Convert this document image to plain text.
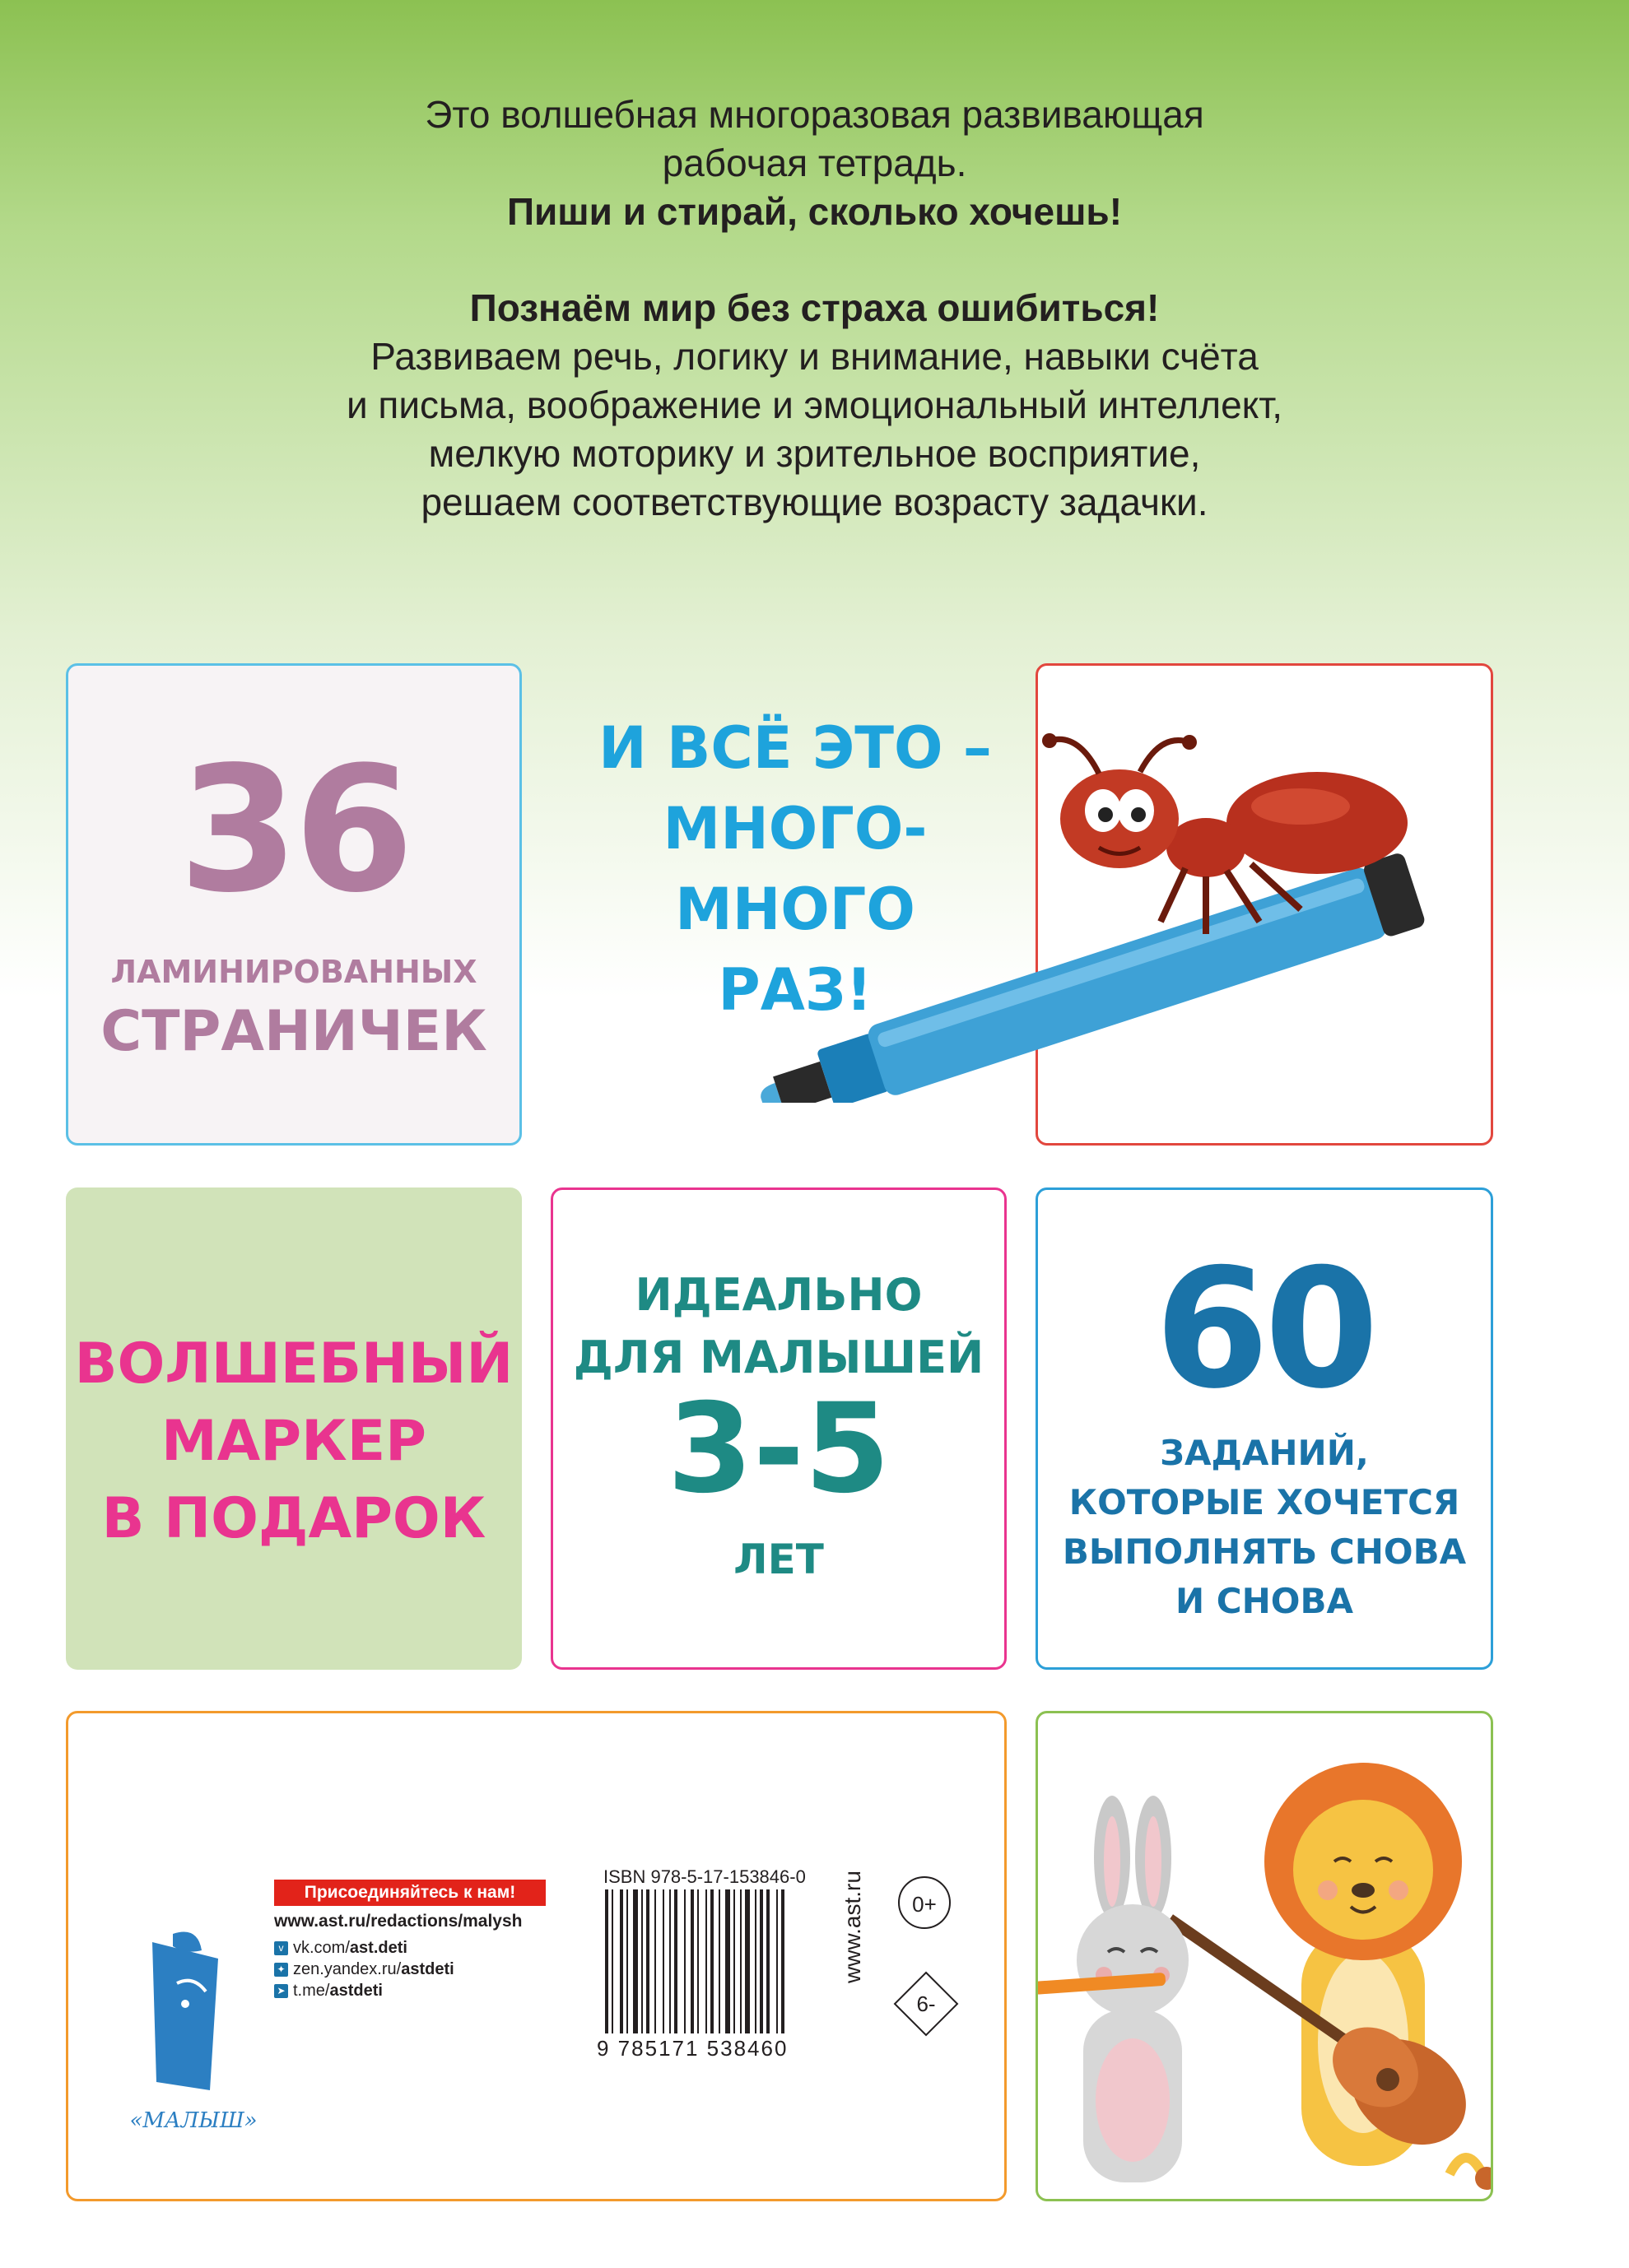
Это волшебная многоразовая развивающая

рабочая тетрадь.

Пиши и стирай, сколько хочешь!

Познаём мир без страха ошибиться!

Развиваем речь, логику и внимание, навыки счёта

и письма, воображение и эмоциональный интеллект,

мелкую моторику и зрительное восприятие,

решаем соответствующие возрасту задачки.

36
ЛАМИНИРОВАННЫХ
СТРАНИЧЕК
И ВСЁ ЭТО –
МНОГО-МНОГО
РАЗ!
ВОЛШЕБНЫЙ
МАРКЕР
В ПОДАРОК
ИДЕАЛЬНО
ДЛЯ МАЛЫШЕЙ
3-5
ЛЕТ
60
ЗАДАНИЙ,
КОТОРЫЕ ХОЧЕТСЯ
ВЫПОЛНЯТЬ СНОВА
И СНОВА
«МАЛЫШ»
Присоединяйтесь к нам!
www.ast.ru/redactions/malysh
v vk.com/ast.deti
✦ zen.yandex.ru/astdeti
➤ t.me/astdeti
ISBN 978-5-17-153846-0
9 785171 538460
www.ast.ru	0+
6-
